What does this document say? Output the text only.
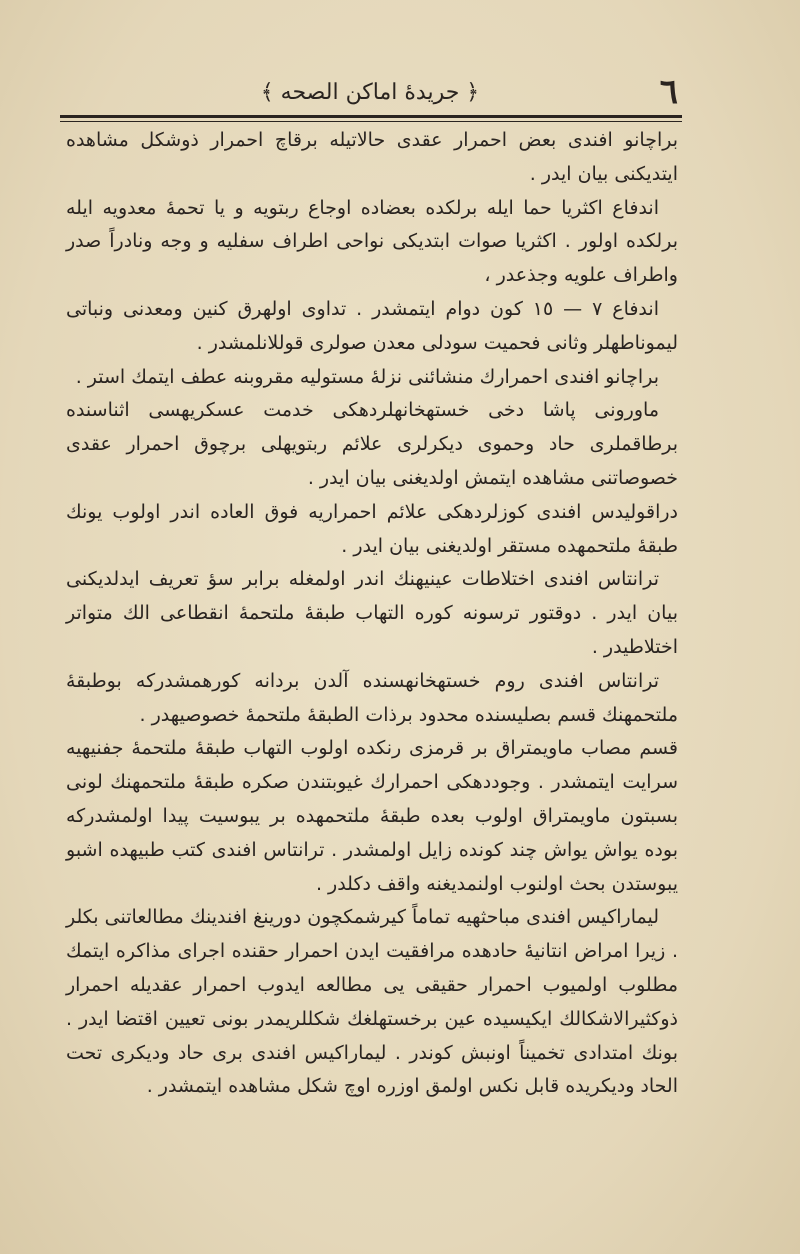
٦
﴿ جريدهٔ اماكن الصحه ﴾

براچانو افندى بعض احمرار عقدى حالاتيله برقاچ احمرار ذوشكل مشاهده ايتديكنى بيان ايدر .

اندفاع اكثريا حما ايله برلكده بعضاده اوجاع ربتويه و يا تحمهٔ معدويه ايله برلكده اولور . اكثريا صوات ابتديكى نواحى اطراف سفليه و وجه ونادراً صدر واطراف علويه وجذعدر ،

اندفاع ٧ — ١٥ كون دوام ايتمشدر . تداوى اولهرق كنين ومعدنى ونباتى ليموناطهلر وثانى فحميت سودلى معدن صولرى قوللانلمشدر .

براچانو افندى احمرارك منشائنى نزلهٔ مستوليه مقروبنه عطف ايتمك استر .

ماورونى پاشا دخى خستهخانهلردهكى خدمت عسكريهسى اثناسنده برطاقملرى حاد وحموى ديكرلرى علائم ربتويهلى برچوق احمرار عقدى خصوصاتنى مشاهده ايتمش اولديغنى بيان ايدر .

دراقوليدس افندى كوزلردهكى علائم احمراريه فوق العاده اندر اولوب يونك طبقهٔ ملتحمهده مستقر اولديغنى بيان ايدر .

ترانتاس افندى اختلاطات عينيهنك اندر اولمغله برابر سؤ تعريف ايدلديكنى بيان ايدر . دوقتور ترسونه كوره التهاب طبقهٔ ملتحمهٔ انقطاعى الك متواتر اختلاطيدر .

ترانتاس افندى روم خستهخانهسنده آلدن بردانه كورهمشدركه بوطبقهٔ ملتحمهنك قسم بصليسنده محدود برذات الطبقهٔ ملتحمهٔ خصوصيهدر .

قسم مصاب ماويمتراق بر قرمزى رنكده اولوب التهاب طبقهٔ ملتحمهٔ جفنيهيه سرايت ايتمشدر . وجوددهكى احمرارك غيوبتندن صكره طبقهٔ ملتحمهنك لونى بسبتون ماويمتراق اولوب بعده طبقهٔ ملتحمهده بر يبوسيت پيدا اولمشدركه بوده يواش يواش چند كونده زايل اولمشدر . ترانتاس افندى كتب طبيهده اشبو يبوستدن بحث اولنوب اولنمديغنه واقف دكلدر .

ليماراكيس افندى مباحثهيه تماماً كيرشمكچون دورينغ افندينك مطالعاتنى بكلر . زيرا امراض انتانيهٔ حادهده مرافقيت ايدن احمرار حقنده اجراى مذاكره ايتمك مطلوب اولميوب احمرار حقيقى يى مطالعه ايدوب احمرار عقدیله احمرار ذوكثيرالاشكالك ايكيسيده عين برخستهلغك شكللريمدر بونى تعيين اقتضا ايدر . بونك امتدادى تخميناً اونبش كوندر . ليماراكيس افندى برى حاد وديكرى تحت الحاد وديكريده قابل نكس اولمق اوزره اوچ شكل مشاهده ايتمشدر .
